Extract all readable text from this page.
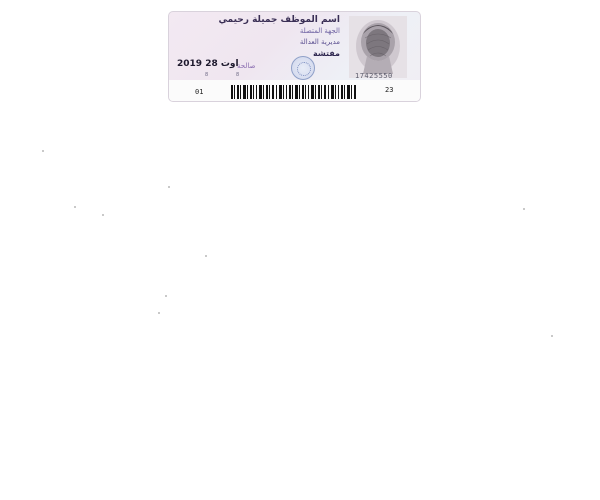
اسم الموظف جميلة رحيمي
الجهة المتصلة
مديرية العدالة
مفتشة
2019 اوت 28
صالحة
8	8	17425550
01	23
